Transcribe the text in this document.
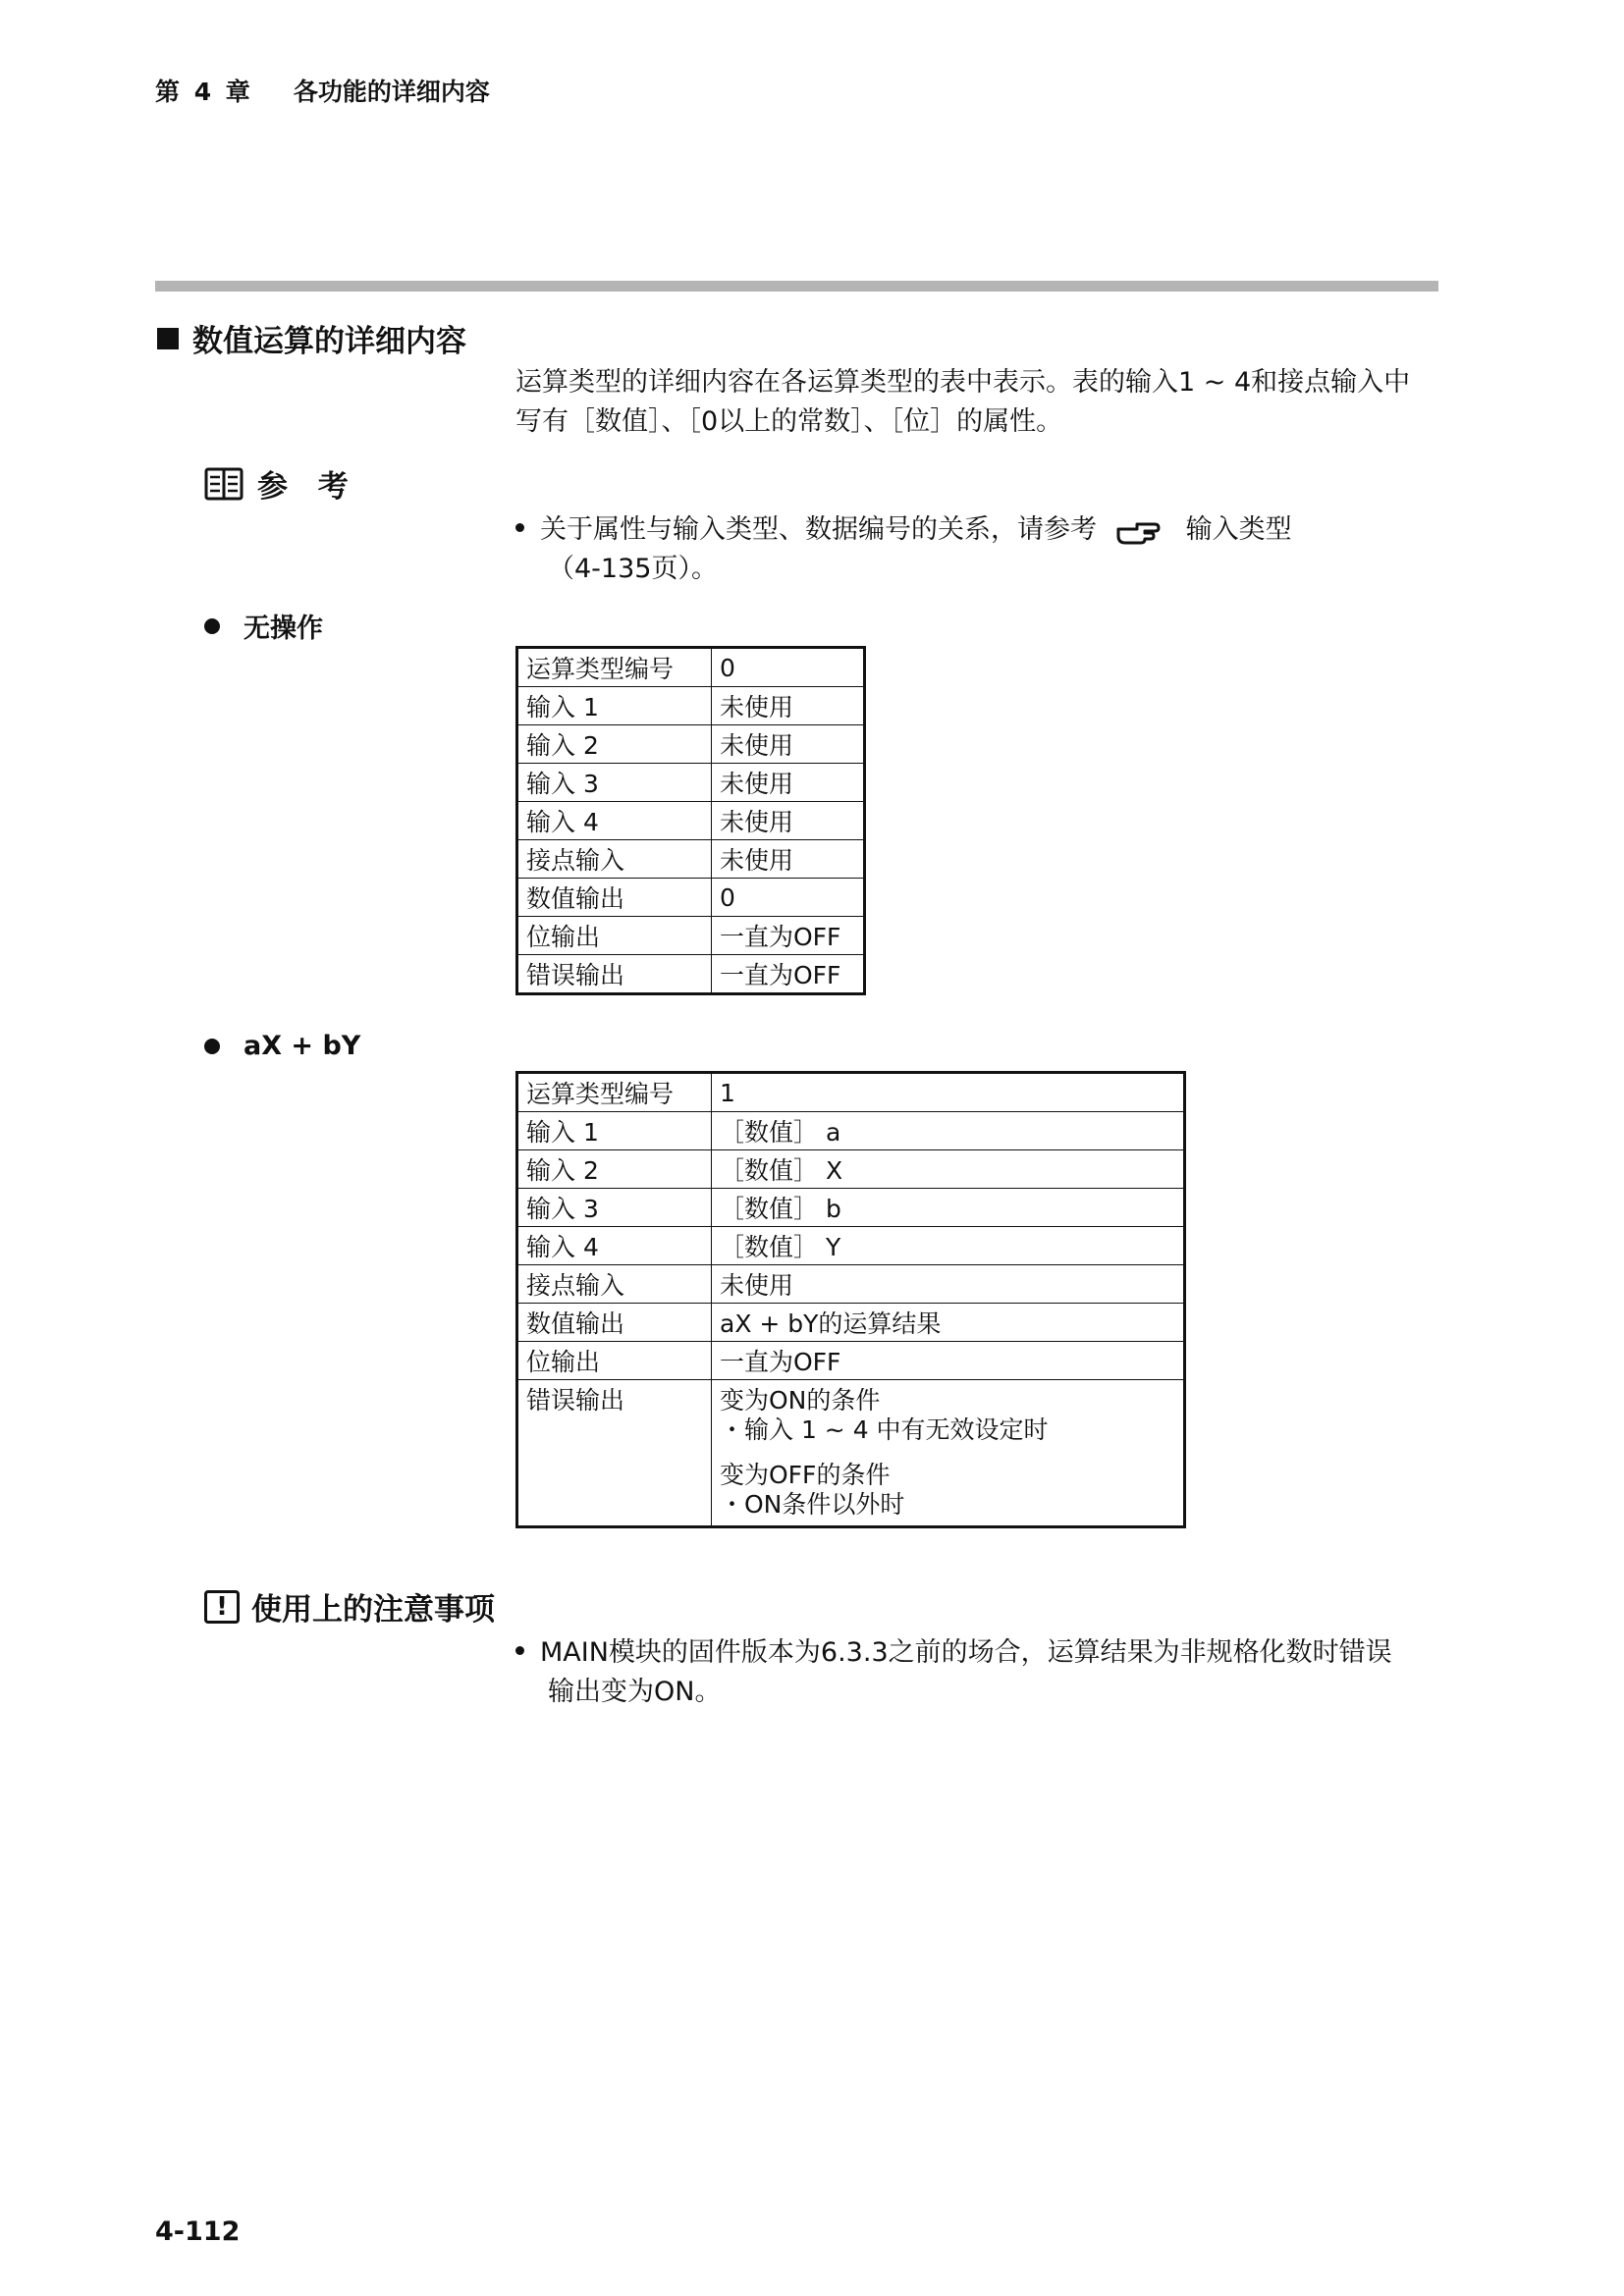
第 4 章   各功能的详细内容
数值运算的详细内容
运算类型的详细内容在各运算类型的表中表示。表的输入1 ~ 4和接点输入中
写有［数值］、［0以上的常数］、［位］的属性。
参 考
关于属性与输入类型、数据编号的关系，请参考	输入类型
（4-135页）。
无操作
运算类型编号	0
输入 1	未使用
输入 2	未使用
输入 3	未使用
输入 4	未使用
接点输入	未使用
数值输出	0
位输出	一直为OFF
错误输出	一直为OFF
aX + bY
运算类型编号	1
输入 1	［数值］ a
输入 2	［数值］ X
输入 3	［数值］ b
输入 4	［数值］ Y
接点输入	未使用
数值输出	aX + bY的运算结果
位输出	一直为OFF
错误输出	变为ON的条件
・输入 1 ~ 4 中有无效设定时
变为OFF的条件
・ON条件以外时
! 使用上的注意事项
MAIN模块的固件版本为6.3.3之前的场合，运算结果为非规格化数时错误
输出变为ON。
4-112
